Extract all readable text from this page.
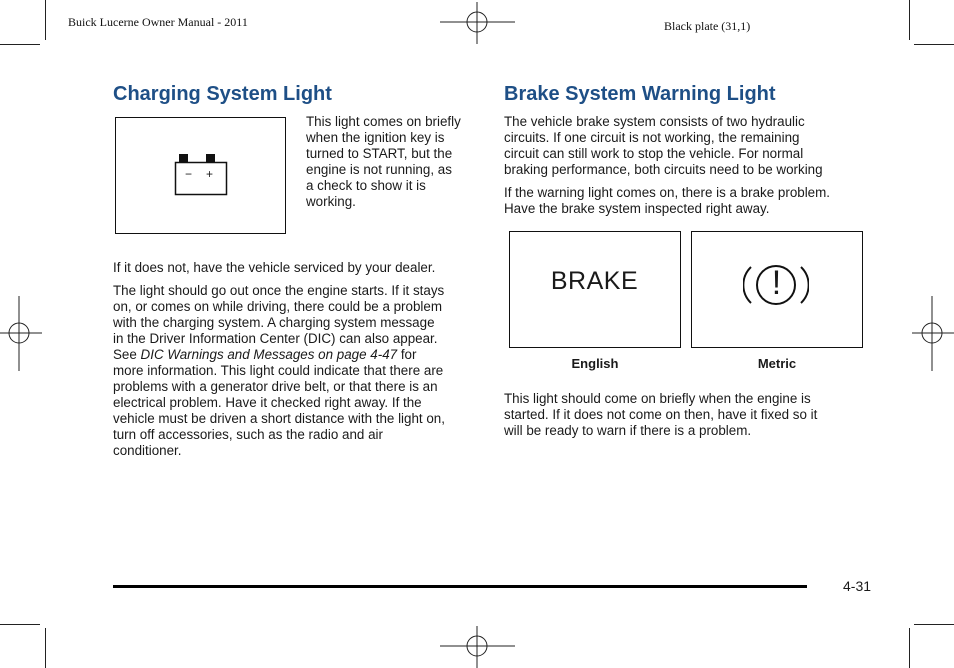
Buick Lucerne Owner Manual - 2011	Black plate (31,1)
Charging System Light
− +
This light comes on briefly
when the ignition key is
turned to START, but the
engine is not running, as
a check to show it is
working.
If it does not, have the vehicle serviced by your dealer.
The light should go out once the engine starts. If it stays
on, or comes on while driving, there could be a problem
with the charging system. A charging system message
in the Driver Information Center (DIC) can also appear.
See DIC Warnings and Messages on page 4-47 for
more information. This light could indicate that there are
problems with a generator drive belt, or that there is an
electrical problem. Have it checked right away. If the
vehicle must be driven a short distance with the light on,
turn off accessories, such as the radio and air
conditioner.
Brake System Warning Light
The vehicle brake system consists of two hydraulic
circuits. If one circuit is not working, the remaining
circuit can still work to stop the vehicle. For normal
braking performance, both circuits need to be working
If the warning light comes on, there is a brake problem.
Have the brake system inspected right away.
BRAKE	!
English	Metric
This light should come on briefly when the engine is
started. If it does not come on then, have it fixed so it
will be ready to warn if there is a problem.
4-31
